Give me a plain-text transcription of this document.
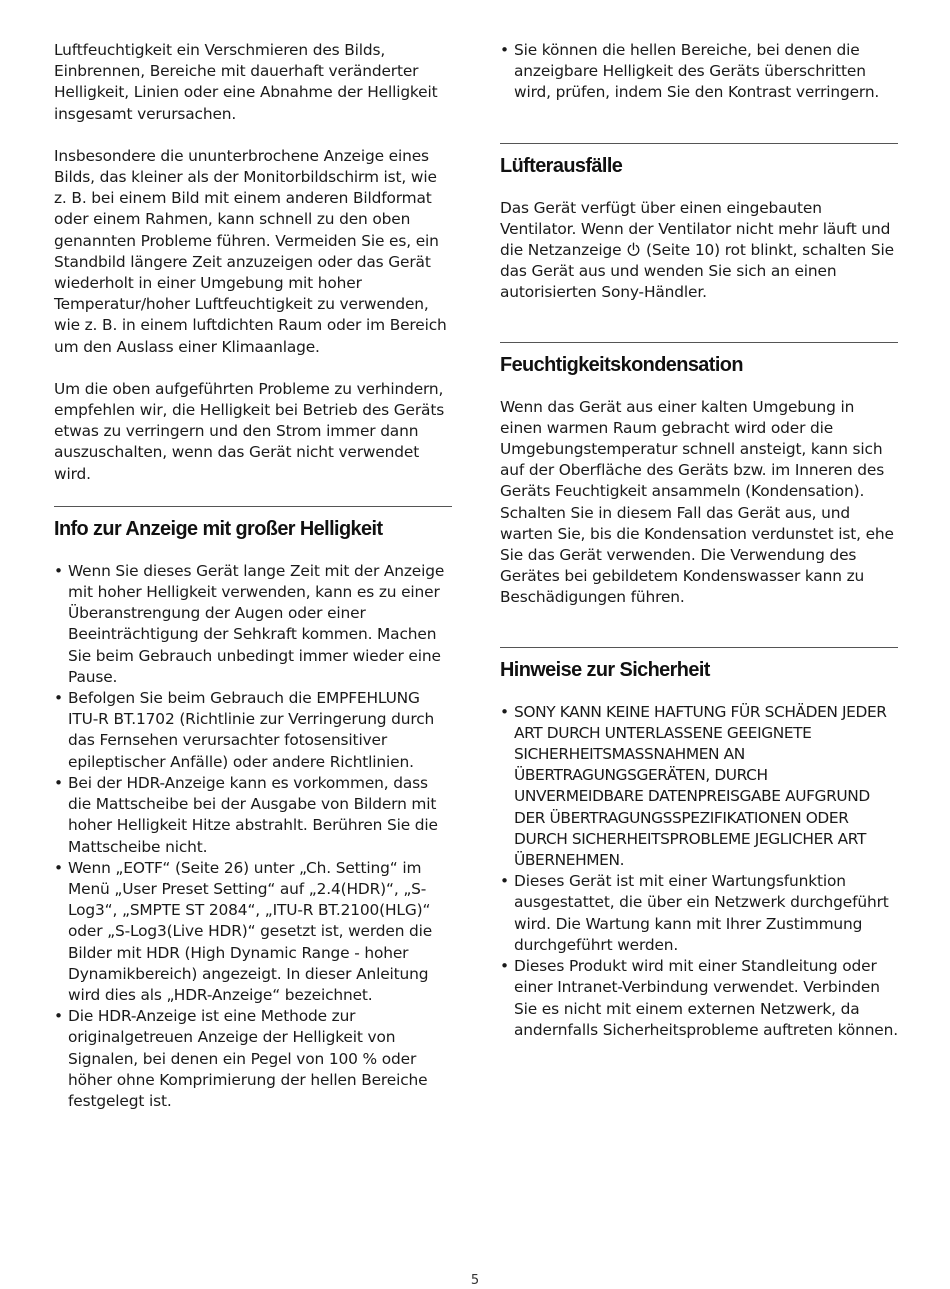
Luftfeuchtigkeit ein Verschmieren des Bilds, Einbrennen, Bereiche mit dauerhaft veränderter Helligkeit, Linien oder eine Abnahme der Helligkeit insgesamt verursachen.

Insbesondere die ununterbrochene Anzeige eines Bilds, das kleiner als der Monitorbildschirm ist, wie z. B. bei einem Bild mit einem anderen Bildformat oder einem Rahmen, kann schnell zu den oben genannten Probleme führen. Vermeiden Sie es, ein Standbild längere Zeit anzuzeigen oder das Gerät wiederholt in einer Umgebung mit hoher Temperatur/hoher Luftfeuchtigkeit zu verwenden, wie z. B. in einem luftdichten Raum oder im Bereich um den Auslass einer Klimaanlage.

Um die oben aufgeführten Probleme zu verhindern, empfehlen wir, die Helligkeit bei Betrieb des Geräts etwas zu verringern und den Strom immer dann auszuschalten, wenn das Gerät nicht verwendet wird.

Info zur Anzeige mit großer Helligkeit
• Wenn Sie dieses Gerät lange Zeit mit der Anzeige mit hoher Helligkeit verwenden, kann es zu einer Überanstrengung der Augen oder einer Beeinträchtigung der Sehkraft kommen. Machen Sie beim Gebrauch unbedingt immer wieder eine Pause.
• Befolgen Sie beim Gebrauch die EMPFEHLUNG ITU-R BT.1702 (Richtlinie zur Verringerung durch das Fernsehen verursachter fotosensitiver epileptischer Anfälle) oder andere Richtlinien.
• Bei der HDR-Anzeige kann es vorkommen, dass die Mattscheibe bei der Ausgabe von Bildern mit hoher Helligkeit Hitze abstrahlt. Berühren Sie die Mattscheibe nicht.
• Wenn „EOTF“ (Seite 26) unter „Ch. Setting“ im Menü „User Preset Setting“ auf „2.4(HDR)“, „S-Log3“, „SMPTE ST 2084“, „ITU-R BT.2100(HLG)“ oder „S-Log3(Live HDR)“ gesetzt ist, werden die Bilder mit HDR (High Dynamic Range - hoher Dynamikbereich) angezeigt. In dieser Anleitung wird dies als „HDR-Anzeige“ bezeichnet.
• Die HDR-Anzeige ist eine Methode zur originalgetreuen Anzeige der Helligkeit von Signalen, bei denen ein Pegel von 100 % oder höher ohne Komprimierung der hellen Bereiche festgelegt ist.
• Sie können die hellen Bereiche, bei denen die anzeigbare Helligkeit des Geräts überschritten wird, prüfen, indem Sie den Kontrast verringern.
Lüfterausfälle

Das Gerät verfügt über einen eingebauten Ventilator. Wenn der Ventilator nicht mehr läuft und die Netzanzeige (Seite 10) rot blinkt, schalten Sie das Gerät aus und wenden Sie sich an einen autorisierten Sony-Händler.

Feuchtigkeitskondensation

Wenn das Gerät aus einer kalten Umgebung in einen warmen Raum gebracht wird oder die Umgebungstemperatur schnell ansteigt, kann sich auf der Oberfläche des Geräts bzw. im Inneren des Geräts Feuchtigkeit ansammeln (Kondensation). Schalten Sie in diesem Fall das Gerät aus, und warten Sie, bis die Kondensation verdunstet ist, ehe Sie das Gerät verwenden. Die Verwendung des Gerätes bei gebildetem Kondenswasser kann zu Beschädigungen führen.

Hinweise zur Sicherheit
• SONY KANN KEINE HAFTUNG FÜR SCHÄDEN JEDER ART DURCH UNTERLASSENE GEEIGNETE SICHERHEITSMASSNAHMEN AN ÜBERTRAGUNGSGERÄTEN, DURCH UNVERMEIDBARE DATENPREISGABE AUFGRUND DER ÜBERTRAGUNGSSPEZIFIKATIONEN ODER DURCH SICHERHEITSPROBLEME JEGLICHER ART ÜBERNEHMEN.
• Dieses Gerät ist mit einer Wartungsfunktion ausgestattet, die über ein Netzwerk durchgeführt wird. Die Wartung kann mit Ihrer Zustimmung durchgeführt werden.
• Dieses Produkt wird mit einer Standleitung oder einer Intranet-Verbindung verwendet. Verbinden Sie es nicht mit einem externen Netzwerk, da andernfalls Sicherheitsprobleme auftreten können.
5
